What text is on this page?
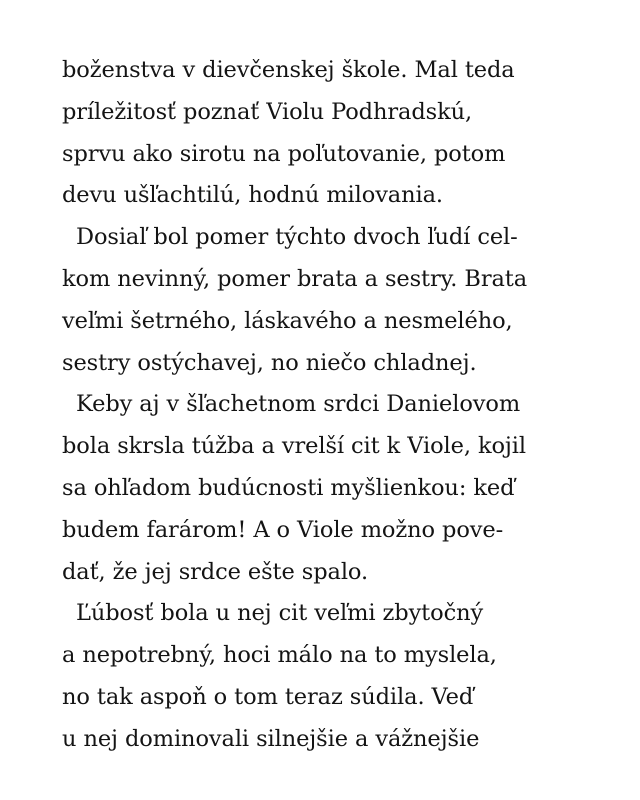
boženstva v dievčenskej škole. Mal teda
príležitosť poznať Violu Podhradskú,
sprvu ako sirotu na poľutovanie, potom
devu ušľachtilú, hodnú milovania.
Dosiaľ bol pomer týchto dvoch ľudí cel-
kom nevinný, pomer brata a sestry. Brata
veľmi šetrného, láskavého a nesmelého,
sestry ostýchavej, no niečo chladnej.
Keby aj v šľachetnom srdci Danielovom
bola skrsla túžba a vrelší cit k Viole, kojil
sa ohľadom budúcnosti myšlienkou: keď
budem farárom! A o Viole možno pove-
dať, že jej srdce ešte spalo.
Ľúbosť bola u nej cit veľmi zbytočný
a nepotrebný, hoci málo na to myslela,
no tak aspoň o tom teraz súdila. Veď
u nej dominovali silnejšie a vážnejšie
